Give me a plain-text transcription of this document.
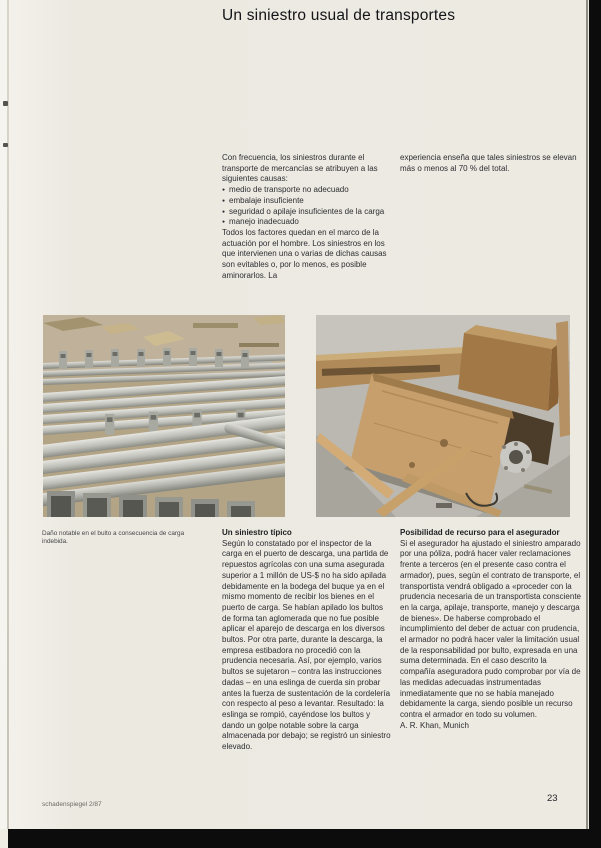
Un siniestro usual de transportes

Con frecuencia, los siniestros durante el transporte de mercancías se atribuyen a las siguientes causas:

● medio de transporte no adecuado
● embalaje insuficiente
● seguridad o apilaje insuficientes de la carga
● manejo inadecuado

Todos los factores quedan en el marco de la actuación por el hombre. Los siniestros en los que intervienen una o varias de dichas causas son evitables o, por lo menos, es posible aminorarlos. La

experiencia enseña que tales siniestros se elevan más o menos al 70 % del total.

Daño notable en el bulto a consecuencia de carga indebida.

Un siniestro típico

Según lo constatado por el inspector de la carga en el puerto de descarga, una partida de repuestos agrícolas con una suma asegurada superior a 1 millón de US-$ no ha sido apilada debidamente en la bodega del buque ya en el mismo momento de recibir los bienes en el puerto de carga. Se habían apilado los bultos de forma tan aglomerada que no fue posible aplicar el aparejo de descarga en los diversos bultos. Por otra parte, durante la descarga, la empresa estibadora no procedió con la prudencia necesaria. Así, por ejemplo, varios bultos se sujetaron – contra las instrucciones dadas – en una eslinga de cuerda sin probar antes la fuerza de sustentación de la cordelería con respecto al peso a levantar. Resultado: la eslinga se rompió, cayéndose los bultos y dando un golpe notable sobre la carga almacenada por debajo; se registró un siniestro elevado.

Posibilidad de recurso para el asegurador

Si el asegurador ha ajustado el siniestro amparado por una póliza, podrá hacer valer reclamaciones frente a terceros (en el presente caso contra el armador), pues, según el contrato de transporte, el transportista vendrá obligado a «proceder con la prudencia necesaria de un transportista consciente en la carga, apilaje, transporte, manejo y descarga de bienes». De haberse comprobado el incumplimiento del deber de actuar con prudencia, el armador no podrá hacer valer la limitación usual de la responsabilidad por bulto, expresada en una suma determinada. En el caso descrito la compañía aseguradora pudo comprobar por vía de las medidas adecuadas instrumentadas inmediatamente que no se había manejado debidamente la carga, siendo posible un recurso contra el armador en todo su volumen.

A. R. Khan, Munich

schadenspiegel 2/87
23
